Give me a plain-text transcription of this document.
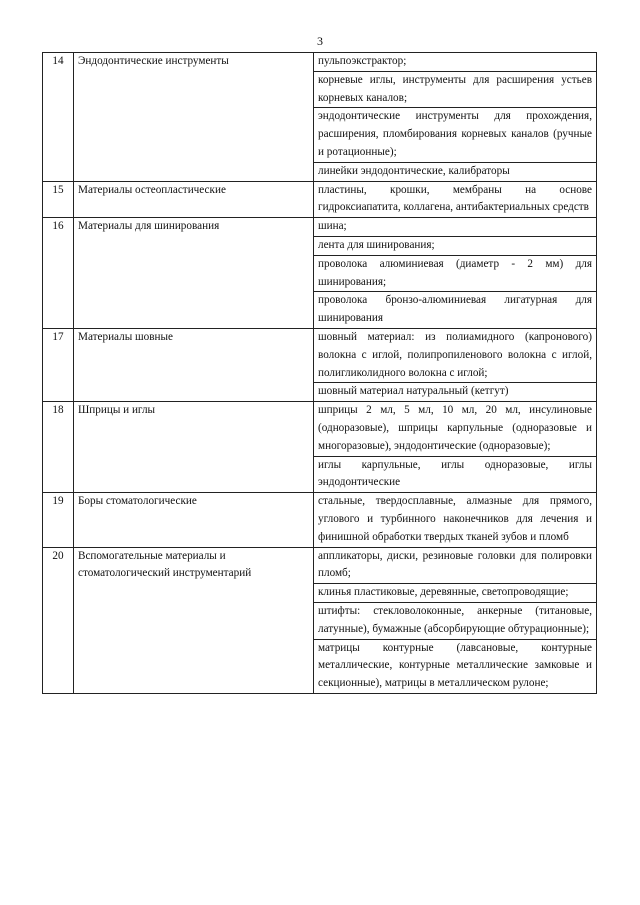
3
14	Эндодонтические инструменты	пульпоэкстрактор;
		корневые иглы, инструменты для расширения устьев корневых каналов;
		эндодонтические инструменты для прохождения, расширения, пломбирования корневых каналов (ручные и ротационные);
		линейки эндодонтические, калибраторы
15	Материалы остеопластические	пластины, крошки, мембраны на основе гидроксиапатита, коллагена, антибактериальных средств
16	Материалы для шинирования	шина;
		лента для шинирования;
		проволока алюминиевая (диаметр - 2 мм) для шинирования;
		проволока бронзо-алюминиевая лигатурная для шинирования
17	Материалы шовные	шовный материал: из полиамидного (капронового) волокна с иглой, полипропиленового волокна с иглой, полигликолидного волокна с иглой;
		шовный материал натуральный (кетгут)
18	Шприцы и иглы	шприцы 2 мл, 5 мл, 10 мл, 20 мл, инсулиновые (одноразовые), шприцы карпульные (одноразовые и многоразовые), эндодонтические (одноразовые);
		иглы карпульные, иглы одноразовые, иглы эндодонтические
19	Боры стоматологические	стальные, твердосплавные, алмазные для прямого, углового и турбинного наконечников для лечения и финишной обработки твердых тканей зубов и пломб
20	Вспомогательные материалы и стоматологический инструментарий	аппликаторы, диски, резиновые головки для полировки пломб;
		клинья пластиковые, деревянные, светопроводящие;
		штифты: стекловолоконные, анкерные (титановые, латунные), бумажные (абсорбирующие обтурационные);
		матрицы контурные (лавсановые, контурные металлические, контурные металлические замковые и секционные), матрицы в металлическом рулоне;
